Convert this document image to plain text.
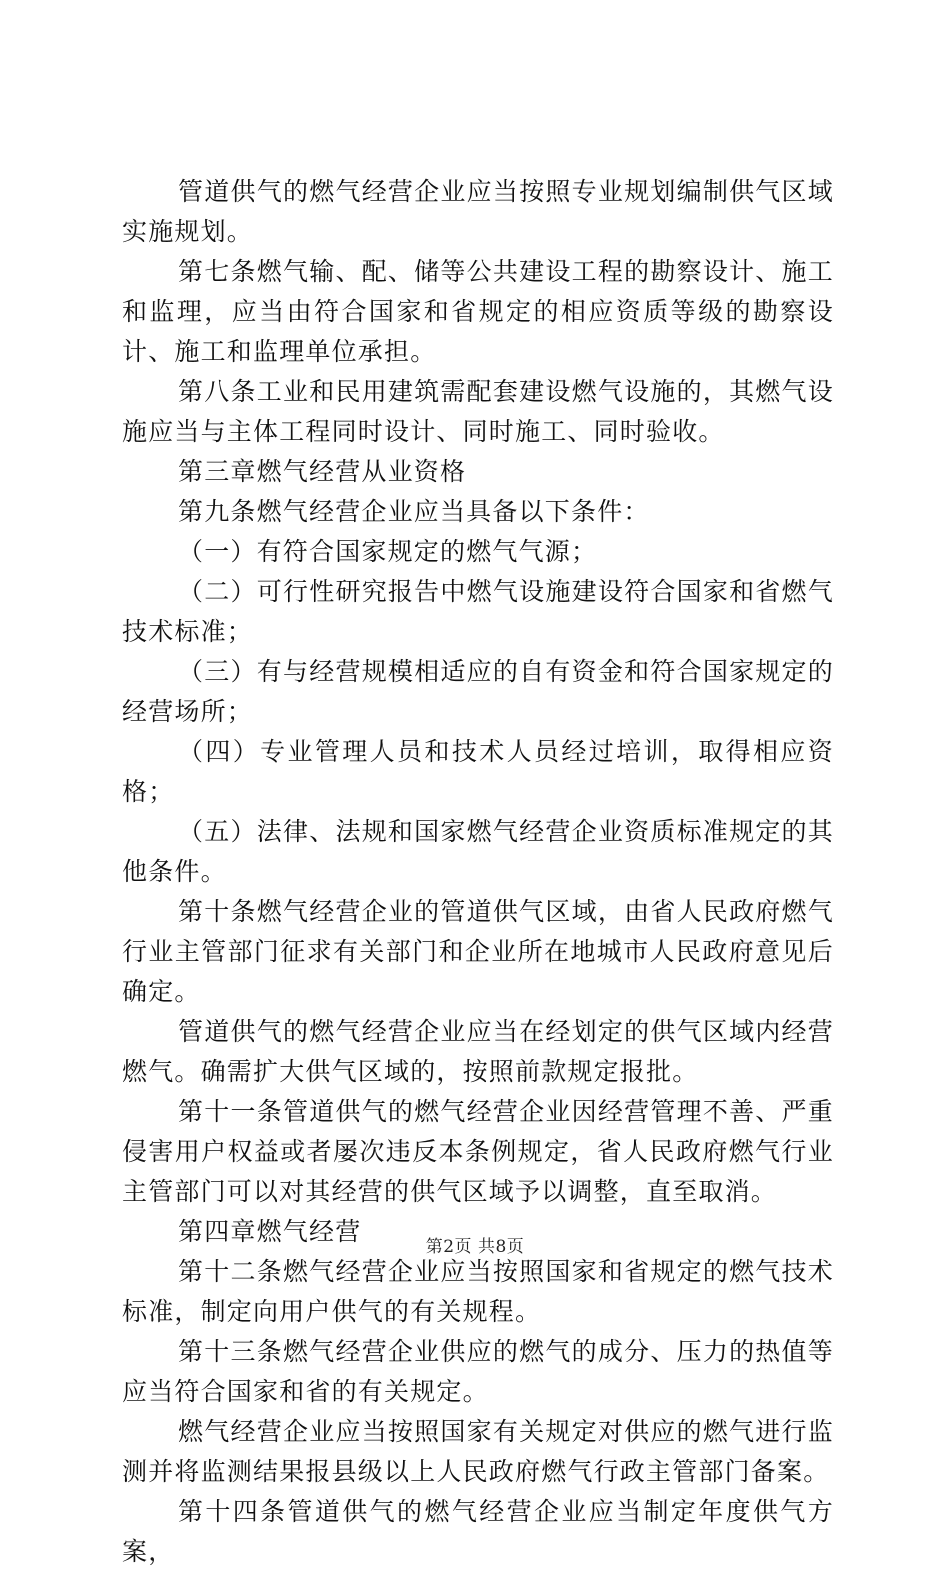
管道供气的燃气经营企业应当按照专业规划编制供气区域实施规划。

第七条燃气输、配、储等公共建设工程的勘察设计、施工和监理，应当由符合国家和省规定的相应资质等级的勘察设计、施工和监理单位承担。

第八条工业和民用建筑需配套建设燃气设施的，其燃气设施应当与主体工程同时设计、同时施工、同时验收。

第三章燃气经营从业资格

第九条燃气经营企业应当具备以下条件：

（一）有符合国家规定的燃气气源；

（二）可行性研究报告中燃气设施建设符合国家和省燃气技术标准；

（三）有与经营规模相适应的自有资金和符合国家规定的经营场所；

（四）专业管理人员和技术人员经过培训，取得相应资格；

（五）法律、法规和国家燃气经营企业资质标准规定的其他条件。

第十条燃气经营企业的管道供气区域，由省人民政府燃气行业主管部门征求有关部门和企业所在地城市人民政府意见后确定。

管道供气的燃气经营企业应当在经划定的供气区域内经营燃气。确需扩大供气区域的，按照前款规定报批。

第十一条管道供气的燃气经营企业因经营管理不善、严重侵害用户权益或者屡次违反本条例规定，省人民政府燃气行业主管部门可以对其经营的供气区域予以调整，直至取消。

第四章燃气经营

第十二条燃气经营企业应当按照国家和省规定的燃气技术标准，制定向用户供气的有关规程。

第十三条燃气经营企业供应的燃气的成分、压力的热值等应当符合国家和省的有关规定。

燃气经营企业应当按照国家有关规定对供应的燃气进行监测并将监测结果报县级以上人民政府燃气行政主管部门备案。

第十四条管道供气的燃气经营企业应当制定年度供气方案，

第2页 共8页
